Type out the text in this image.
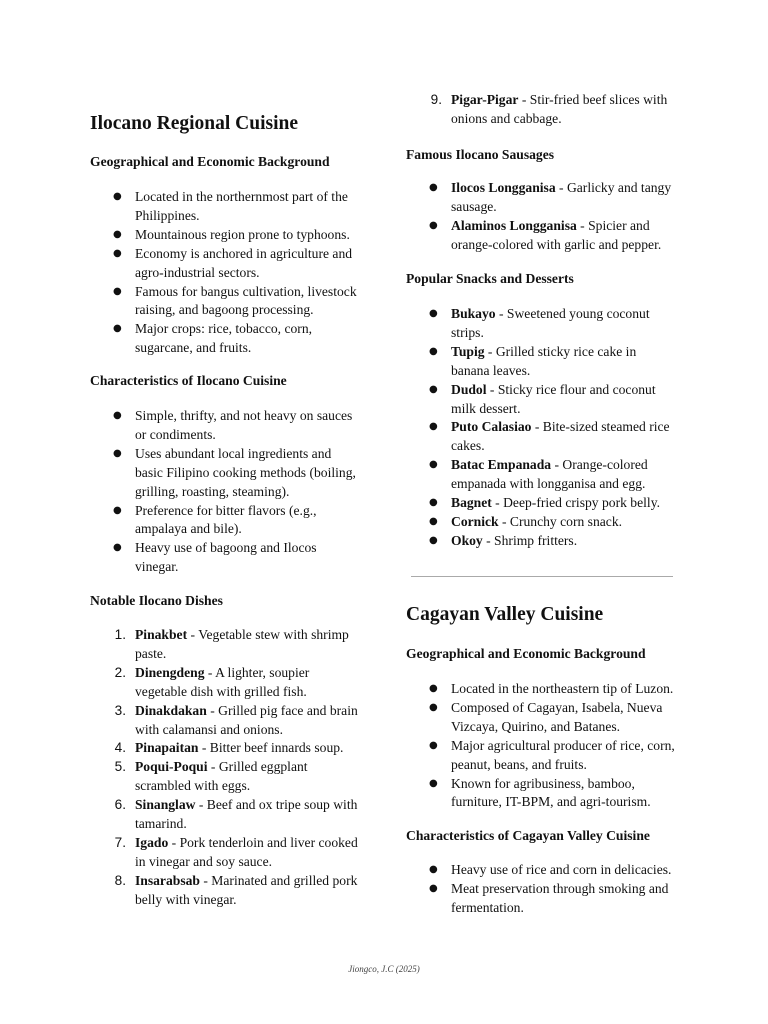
Ilocano Regional Cuisine
Geographical and Economic Background
● Located in the northernmost part of the Philippines.
● Mountainous region prone to typhoons.
● Economy is anchored in agriculture and agro-industrial sectors.
● Famous for bangus cultivation, livestock raising, and bagoong processing.
● Major crops: rice, tobacco, corn, sugarcane, and fruits.
Characteristics of Ilocano Cuisine
● Simple, thrifty, and not heavy on sauces or condiments.
● Uses abundant local ingredients and basic Filipino cooking methods (boiling, grilling, roasting, steaming).
● Preference for bitter flavors (e.g., ampalaya and bile).
● Heavy use of bagoong and Ilocos vinegar.
Notable Ilocano Dishes
1. Pinakbet - Vegetable stew with shrimp paste.
2. Dinengdeng - A lighter, soupier vegetable dish with grilled fish.
3. Dinakdakan - Grilled pig face and brain with calamansi and onions.
4. Pinapaitan - Bitter beef innards soup.
5. Poqui-Poqui - Grilled eggplant scrambled with eggs.
6. Sinanglaw - Beef and ox tripe soup with tamarind.
7. Igado - Pork tenderloin and liver cooked in vinegar and soy sauce.
8. Insarabsab - Marinated and grilled pork belly with vinegar.
9. Pigar-Pigar - Stir-fried beef slices with onions and cabbage.
Famous Ilocano Sausages
● Ilocos Longganisa - Garlicky and tangy sausage.
● Alaminos Longganisa - Spicier and orange-colored with garlic and pepper.
Popular Snacks and Desserts
● Bukayo - Sweetened young coconut strips.
● Tupig - Grilled sticky rice cake in banana leaves.
● Dudol - Sticky rice flour and coconut milk dessert.
● Puto Calasiao - Bite-sized steamed rice cakes.
● Batac Empanada - Orange-colored empanada with longganisa and egg.
● Bagnet - Deep-fried crispy pork belly.
● Cornick - Crunchy corn snack.
● Okoy - Shrimp fritters.
Cagayan Valley Cuisine
Geographical and Economic Background
● Located in the northeastern tip of Luzon.
● Composed of Cagayan, Isabela, Nueva Vizcaya, Quirino, and Batanes.
● Major agricultural producer of rice, corn, peanut, beans, and fruits.
● Known for agribusiness, bamboo, furniture, IT-BPM, and agri-tourism.
Characteristics of Cagayan Valley Cuisine
● Heavy use of rice and corn in delicacies.
● Meat preservation through smoking and fermentation.
Jiongco, J.C (2025)
